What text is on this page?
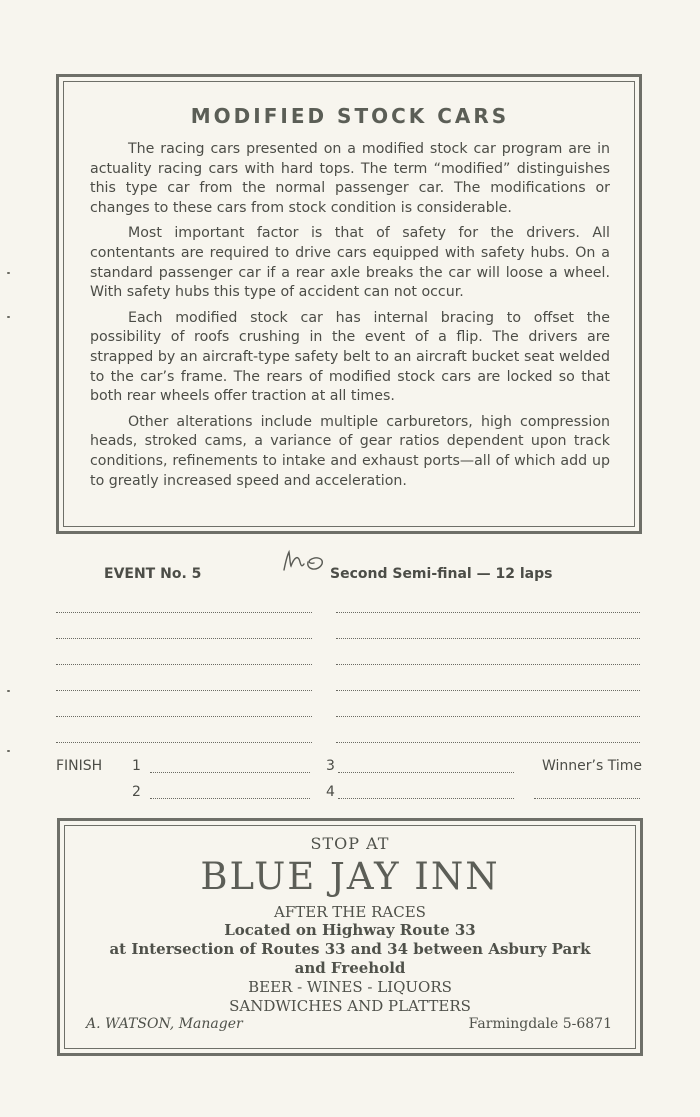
MODIFIED STOCK CARS

The racing cars presented on a modified stock car program are in actuality racing cars with hard tops. The term “modified” distinguishes this type car from the normal passenger car. The modifications or changes to these cars from stock condition is considerable.

Most important factor is that of safety for the drivers. All contentants are required to drive cars equipped with safety hubs. On a standard passenger car if a rear axle breaks the car will loose a wheel. With safety hubs this type of accident can not occur.

Each modified stock car has internal bracing to offset the possibility of roofs crushing in the event of a flip. The drivers are strapped by an aircraft-type safety belt to an aircraft bucket seat welded to the car’s frame. The rears of modified stock cars are locked so that both rear wheels offer traction at all times.

Other alterations include multiple carburetors, high compression heads, stroked cams, a variance of gear ratios dependent upon track conditions, refinements to intake and exhaust ports—all of which add up to greatly increased speed and acceleration.

no
EVENT No. 5	Second Semi-final — 12 laps
FINISH 1	3	Winner’s Time
2	4
STOP AT
BLUE JAY INN
AFTER THE RACES
Located on Highway Route 33
at Intersection of Routes 33 and 34 between Asbury Park
and Freehold
BEER - WINES - LIQUORS
SANDWICHES AND PLATTERS
A. WATSON, Manager	Farmingdale 5-6871
